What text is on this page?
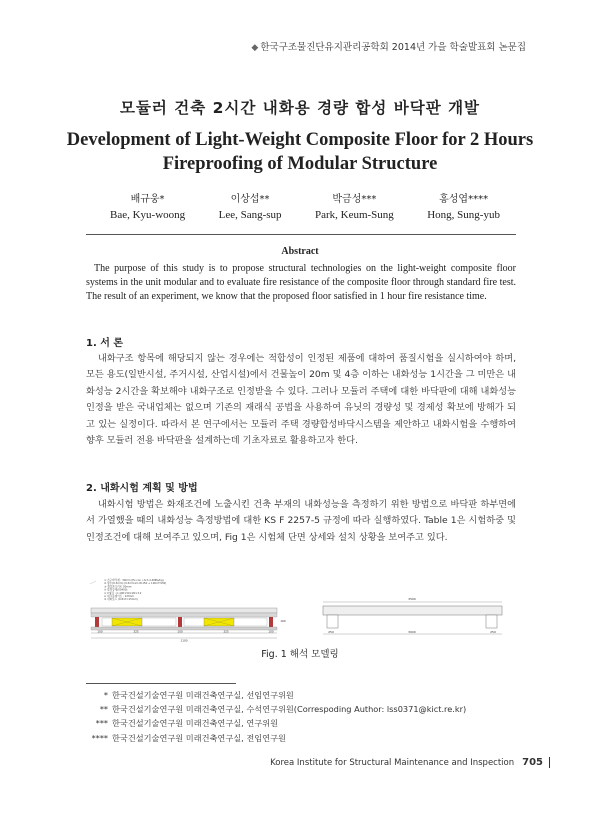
◆ 한국구조물진단유지관리공학회 2014년 가을 학술발표회 논문집
모듈러 건축 2시간 내화용 경량 합성 바닥판 개발
Development of Light-Weight Composite Floor for 2 Hours Fireproofing of Modular Structure
배규웅*
Bae, Kyu-woong
이상섭**
Lee, Sang-sup
박금성***
Park, Keum-Sung
홍성엽****
Hong, Sung-yub
Abstract
The purpose of this study is to propose structural technologies on the light-weight composite floor systems in the unit modular and to evaluate fire resistance of the composite floor through standard fire test. The result of an experiment, we know that the proposed floor satisfied in 1 hour fire resistance time.
1. 서 론
내화구조 항목에 해당되지 않는 경우에는 적합성이 인정된 제품에 대하여 품질시험을 실시하여야 하며, 모든 용도(일반시설, 주거시설, 산업시설)에서 건물높이 20m 및 4층 이하는 내화성능 1시간을 그 미만은 내화성능 2시간을 확보해야 내화구조로 인정받을 수 있다. 그러나 모듈러 주택에 대한 바닥판에 대해 내화성능 인정을 받은 국내업체는 없으며 기존의 재래식 공법을 사용하여 유닛의 경량성 및 경제성 확보에 방해가 되고 있는 실정이다. 따라서 본 연구에서는 모듈러 주택 경량합성바닥시스템을 제안하고 내화시험을 수행하여 향후 모듈러 전용 바닥판을 설계하는데 기초자료로 활용하고자 한다.
2. 내화시험 계획 및 방법
내화시험 방법은 화재조건에 노출시킨 건축 부재의 내화성능을 측정하기 위한 방법으로 바닥판 하부면에서 가열했을 때의 내화성능 측정방법에 대한 KS F 2257-5 규정에 따라 실행하였다. Table 1은 시험하중 및 인정조건에 대해 보여주고 있으며, Fig 1은 시험체 단면 상세와 설치 상황을 보여주고 있다.
① 가구바닥재 : 30mm (Ex.con / Ach 2.4MPa/kg)
② 방수(0.3mm) (0.5mm×C.W.150 + 100×T.S30)
③ 경량콘크리트 50mm
④ 압축강재(SS400)
⑤ C형강 : C-100×50×20×3.2
⑥ 데크플레이트 : 0.8mm
⑦ 내화보드 (0.8×t=15mm)
100	325	100	325	100
1100
160
3500
250	3000	250
Fig. 1 해석 모델링
* 한국건설기술연구원 미래건축연구실, 선임연구위원
** 한국건설기술연구원 미래건축연구실, 수석연구위원(Correspoding Author: lss0371@kict.re.kr)
*** 한국건설기술연구원 미래건축연구실, 연구위원
**** 한국건설기술연구원 미래건축연구실, 전임연구원
Korea Institute for Structural Maintenance and Inspection 705
